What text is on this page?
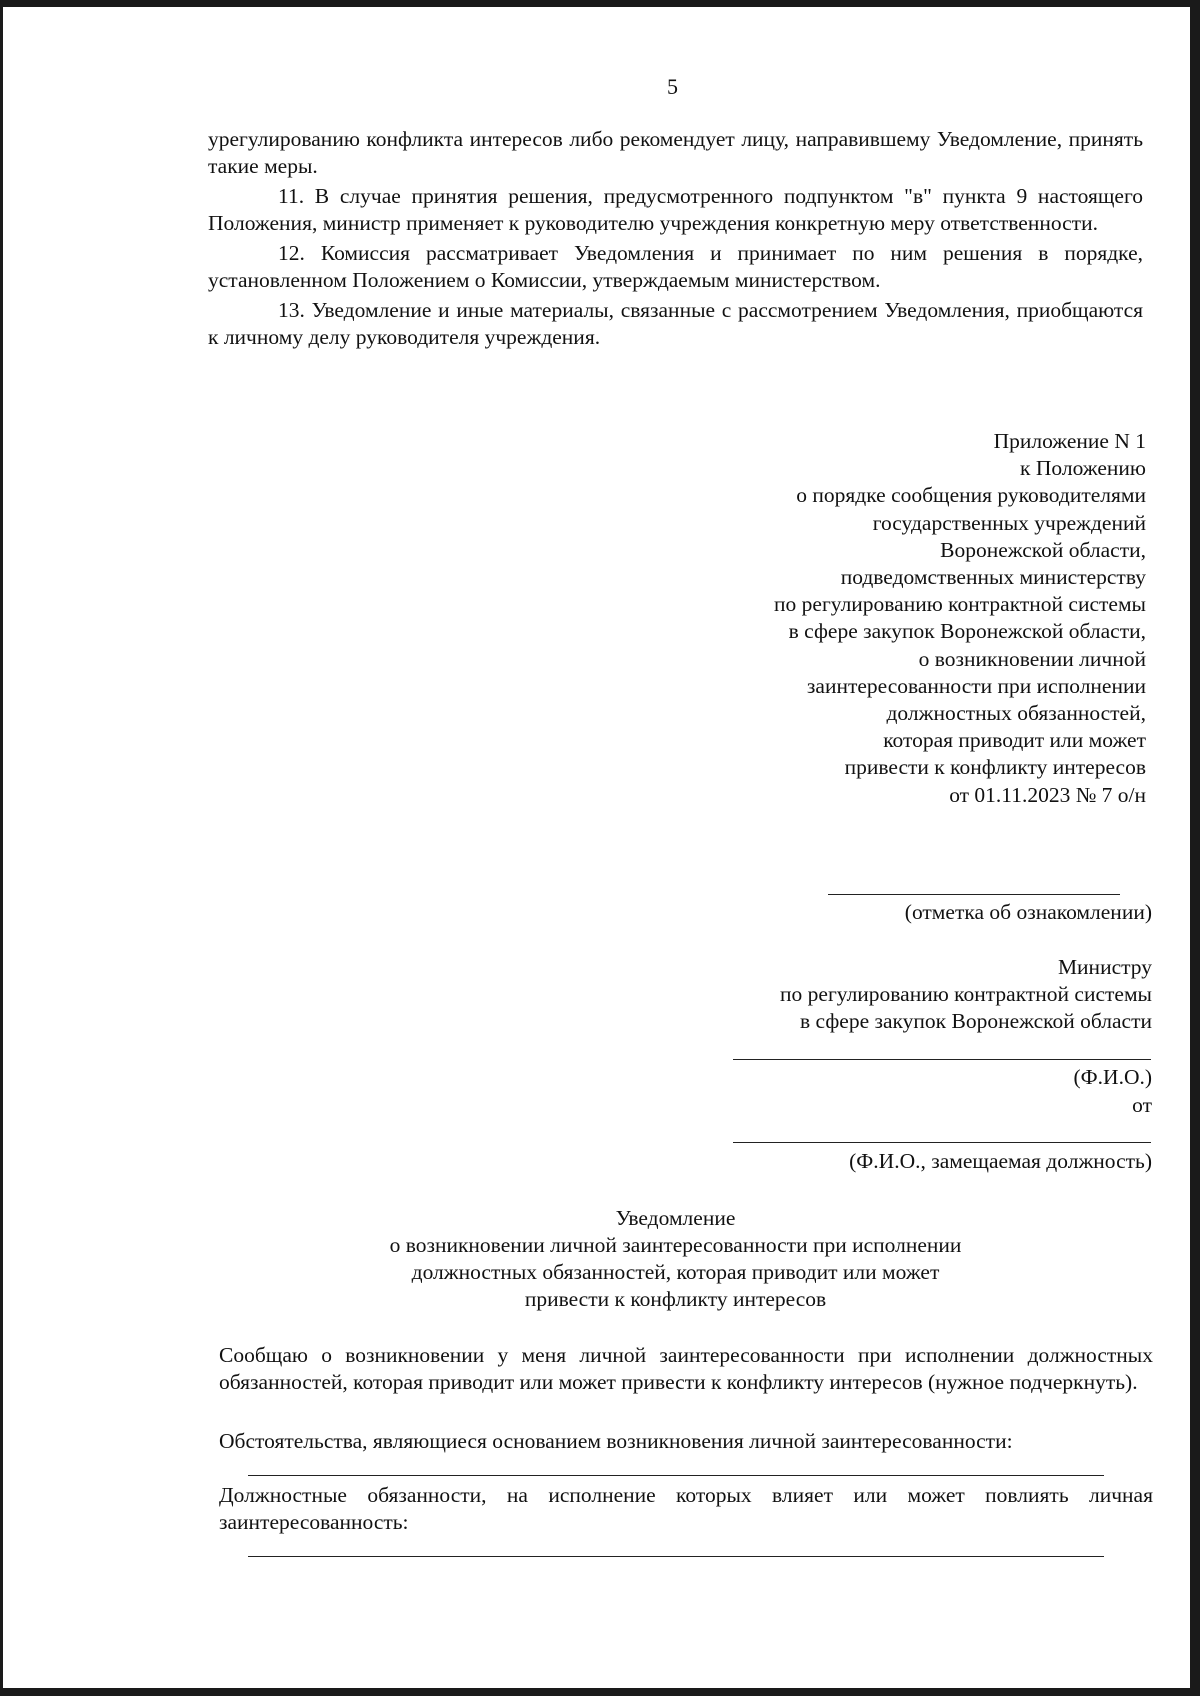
5

урегулированию конфликта интересов либо рекомендует лицу, направившему Уведомление, принять такие меры.

11. В случае принятия решения, предусмотренного подпунктом "в" пункта 9 настоящего Положения, министр применяет к руководителю учреждения конкретную меру ответственности.

12. Комиссия рассматривает Уведомления и принимает по ним решения в порядке, установленном Положением о Комиссии, утверждаемым министерством.

13. Уведомление и иные материалы, связанные с рассмотрением Уведомления, приобщаются к личному делу руководителя учреждения.

Приложение N 1
к Положению
о порядке сообщения руководителями
государственных учреждений
Воронежской области,
подведомственных министерству
по регулированию контрактной системы
в сфере закупок Воронежской области,
о возникновении личной
заинтересованности при исполнении
должностных обязанностей,
которая приводит или может
привести к конфликту интересов
от 01.11.2023 № 7 о/н
(отметка об ознакомлении)
Министру
по регулированию контрактной системы
в сфере закупок Воронежской области
(Ф.И.О.)
от
(Ф.И.О., замещаемая должность)
Уведомление
о возникновении личной заинтересованности при исполнении
должностных обязанностей, которая приводит или может
привести к конфликту интересов
Сообщаю о возникновении у меня личной заинтересованности при исполнении должностных обязанностей, которая приводит или может привести к конфликту интересов (нужное подчеркнуть).
Обстоятельства, являющиеся основанием возникновения личной заинтересованности:
Должностные обязанности, на исполнение которых влияет или может повлиять личная заинтересованность:
